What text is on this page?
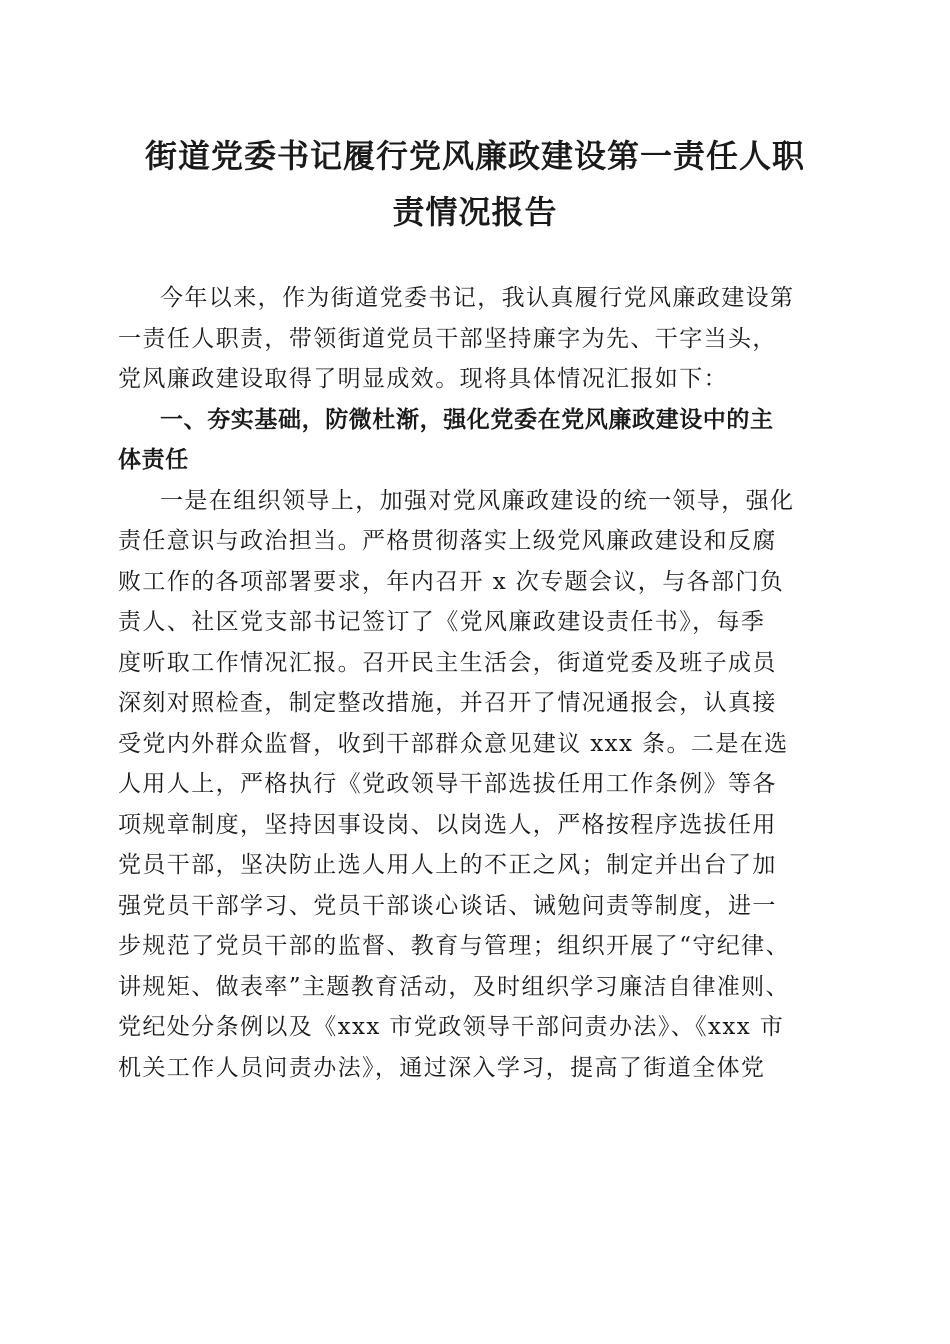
街道党委书记履行党风廉政建设第一责任人职
责情况报告
今年以来，作为街道党委书记，我认真履行党风廉政建设第
一责任人职责，带领街道党员干部坚持廉字为先、干字当头，
党风廉政建设取得了明显成效。现将具体情况汇报如下：
一、夯实基础，防微杜渐，强化党委在党风廉政建设中的主
体责任
一是在组织领导上，加强对党风廉政建设的统一领导，强化
责任意识与政治担当。严格贯彻落实上级党风廉政建设和反腐
败工作的各项部署要求，年内召开 x 次专题会议，与各部门负
责人、社区党支部书记签订了《党风廉政建设责任书》，每季
度听取工作情况汇报。召开民主生活会，街道党委及班子成员
深刻对照检查，制定整改措施，并召开了情况通报会，认真接
受党内外群众监督，收到干部群众意见建议 xxx 条。二是在选
人用人上，严格执行《党政领导干部选拔任用工作条例》等各
项规章制度，坚持因事设岗、以岗选人，严格按程序选拔任用
党员干部，坚决防止选人用人上的不正之风；制定并出台了加
强党员干部学习、党员干部谈心谈话、诫勉问责等制度，进一
步规范了党员干部的监督、教育与管理；组织开展了“守纪律、
讲规矩、做表率”主题教育活动，及时组织学习廉洁自律准则、
党纪处分条例以及《xxx 市党政领导干部问责办法》、《xxx 市
机关工作人员问责办法》，通过深入学习，提高了街道全体党
